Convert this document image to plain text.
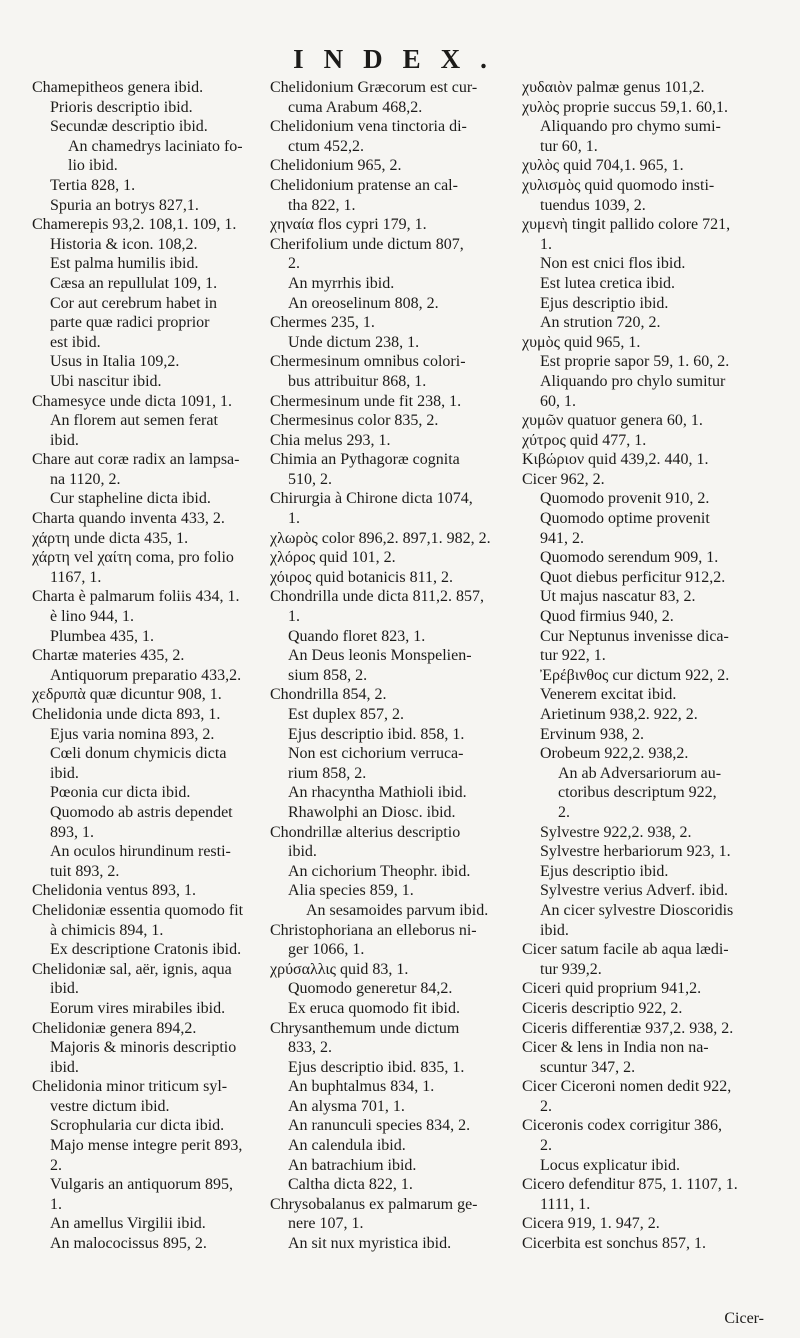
INDEX.
Chamepitheos genera ibid.
Prioris descriptio ibid.
Secundæ descriptio ibid.
An chamedrys laciniato fo-
lio ibid.
Tertia 828, 1.
Spuria an botrys 827,1.
Chamerepis 93,2. 108,1. 109, 1.
Historia & icon. 108,2.
Est palma humilis ibid.
Cæsa an repullulat 109, 1.
Cor aut cerebrum habet in
parte quæ radici proprior
est ibid.
Usus in Italia 109,2.
Ubi nascitur ibid.
Chamesyce unde dicta 1091, 1.
An florem aut semen ferat
ibid.
Chare aut coræ radix an lampsa-
na 1120, 2.
Cur stapheline dicta ibid.
Charta quando inventa 433, 2.
χάρτη unde dicta 435, 1.
χάρτη vel χαίτη coma, pro folio
1167, 1.
Charta è palmarum foliis 434, 1.
è lino 944, 1.
Plumbea 435, 1.
Chartæ materies 435, 2.
Antiquorum preparatio 433,2.
χεδρυπὰ quæ dicuntur 908, 1.
Chelidonia unde dicta 893, 1.
Ejus varia nomina 893, 2.
Cœli donum chymicis dicta
ibid.
Pœonia cur dicta ibid.
Quomodo ab astris dependet
893, 1.
An oculos hirundinum resti-
tuit 893, 2.
Chelidonia ventus 893, 1.
Chelidoniæ essentia quomodo fit
à chimicis 894, 1.
Ex descriptione Cratonis ibid.
Chelidoniæ sal, aër, ignis, aqua
ibid.
Eorum vires mirabiles ibid.
Chelidoniæ genera 894,2.
Majoris & minoris descriptio
ibid.
Chelidonia minor triticum syl-
vestre dictum ibid.
Scrophularia cur dicta ibid.
Majo mense integre perit 893,
2.
Vulgaris an antiquorum 895,
1.
An amellus Virgilii ibid.
An malococissus 895, 2.
Chelidonium Græcorum est cur-
cuma Arabum 468,2.
Chelidonium vena tinctoria di-
ctum 452,2.
Chelidonium 965, 2.
Chelidonium pratense an cal-
tha 822, 1.
χηναία flos cypri 179, 1.
Cherifolium unde dictum 807,
2.
An myrrhis ibid.
An oreoselinum 808, 2.
Chermes 235, 1.
Unde dictum 238, 1.
Chermesinum omnibus colori-
bus attribuitur 868, 1.
Chermesinum unde fit 238, 1.
Chermesinus color 835, 2.
Chia melus 293, 1.
Chimia an Pythagoræ cognita
510, 2.
Chirurgia à Chirone dicta 1074,
1.
χλωρὸς color 896,2. 897,1. 982, 2.
χλόρος quid 101, 2.
χόιρος quid botanicis 811, 2.
Chondrilla unde dicta 811,2. 857,
1.
Quando floret 823, 1.
An Deus leonis Monspelien-
sium 858, 2.
Chondrilla 854, 2.
Est duplex 857, 2.
Ejus descriptio ibid. 858, 1.
Non est cichorium verruca-
rium 858, 2.
An rhacyntha Mathioli ibid.
Rhawolphi an Diosc. ibid.
Chondrillæ alterius descriptio
ibid.
An cichorium Theophr. ibid.
Alia species 859, 1.
An sesamoides parvum ibid.
Christophoriana an elleborus ni-
ger 1066, 1.
χρύσαλλις quid 83, 1.
Quomodo generetur 84,2.
Ex eruca quomodo fit ibid.
Chrysanthemum unde dictum
833, 2.
Ejus descriptio ibid. 835, 1.
An buphtalmus 834, 1.
An alysma 701, 1.
An ranunculi species 834, 2.
An calendula ibid.
An batrachium ibid.
Caltha dicta 822, 1.
Chrysobalanus ex palmarum ge-
nere 107, 1.
An sit nux myristica ibid.
χυδαιὸν palmæ genus 101,2.
χυλὸς proprie succus 59,1. 60,1.
Aliquando pro chymo sumi-
tur 60, 1.
χυλὸς quid 704,1. 965, 1.
χυλισμὸς quid quomodo insti-
tuendus 1039, 2.
χυμενὴ tingit pallido colore 721,
1.
Non est cnici flos ibid.
Est lutea cretica ibid.
Ejus descriptio ibid.
An strution 720, 2.
χυμὸς quid 965, 1.
Est proprie sapor 59, 1. 60, 2.
Aliquando pro chylo sumitur
60, 1.
χυμῶν quatuor genera 60, 1.
χύτρος quid 477, 1.
Κιβώριον quid 439,2. 440, 1.
Cicer 962, 2.
Quomodo provenit 910, 2.
Quomodo optime provenit
941, 2.
Quomodo serendum 909, 1.
Quot diebus perficitur 912,2.
Ut majus nascatur 83, 2.
Quod firmius 940, 2.
Cur Neptunus invenisse dica-
tur 922, 1.
Ἐρέβινθος cur dictum 922, 2.
Venerem excitat ibid.
Arietinum 938,2. 922, 2.
Ervinum 938, 2.
Orobeum 922,2. 938,2.
An ab Adversariorum au-
ctoribus descriptum 922,
2.
Sylvestre 922,2. 938, 2.
Sylvestre herbariorum 923, 1.
Ejus descriptio ibid.
Sylvestre verius Adverf. ibid.
An cicer sylvestre Dioscoridis
ibid.
Cicer satum facile ab aqua lædi-
tur 939,2.
Ciceri quid proprium 941,2.
Ciceris descriptio 922, 2.
Ciceris differentiæ 937,2. 938, 2.
Cicer & lens in India non na-
scuntur 347, 2.
Cicer Ciceroni nomen dedit 922,
2.
Ciceronis codex corrigitur 386,
2.
Locus explicatur ibid.
Cicero defenditur 875, 1. 1107, 1.
1111, 1.
Cicera 919, 1. 947, 2.
Cicerbita est sonchus 857, 1.

Cicer-
